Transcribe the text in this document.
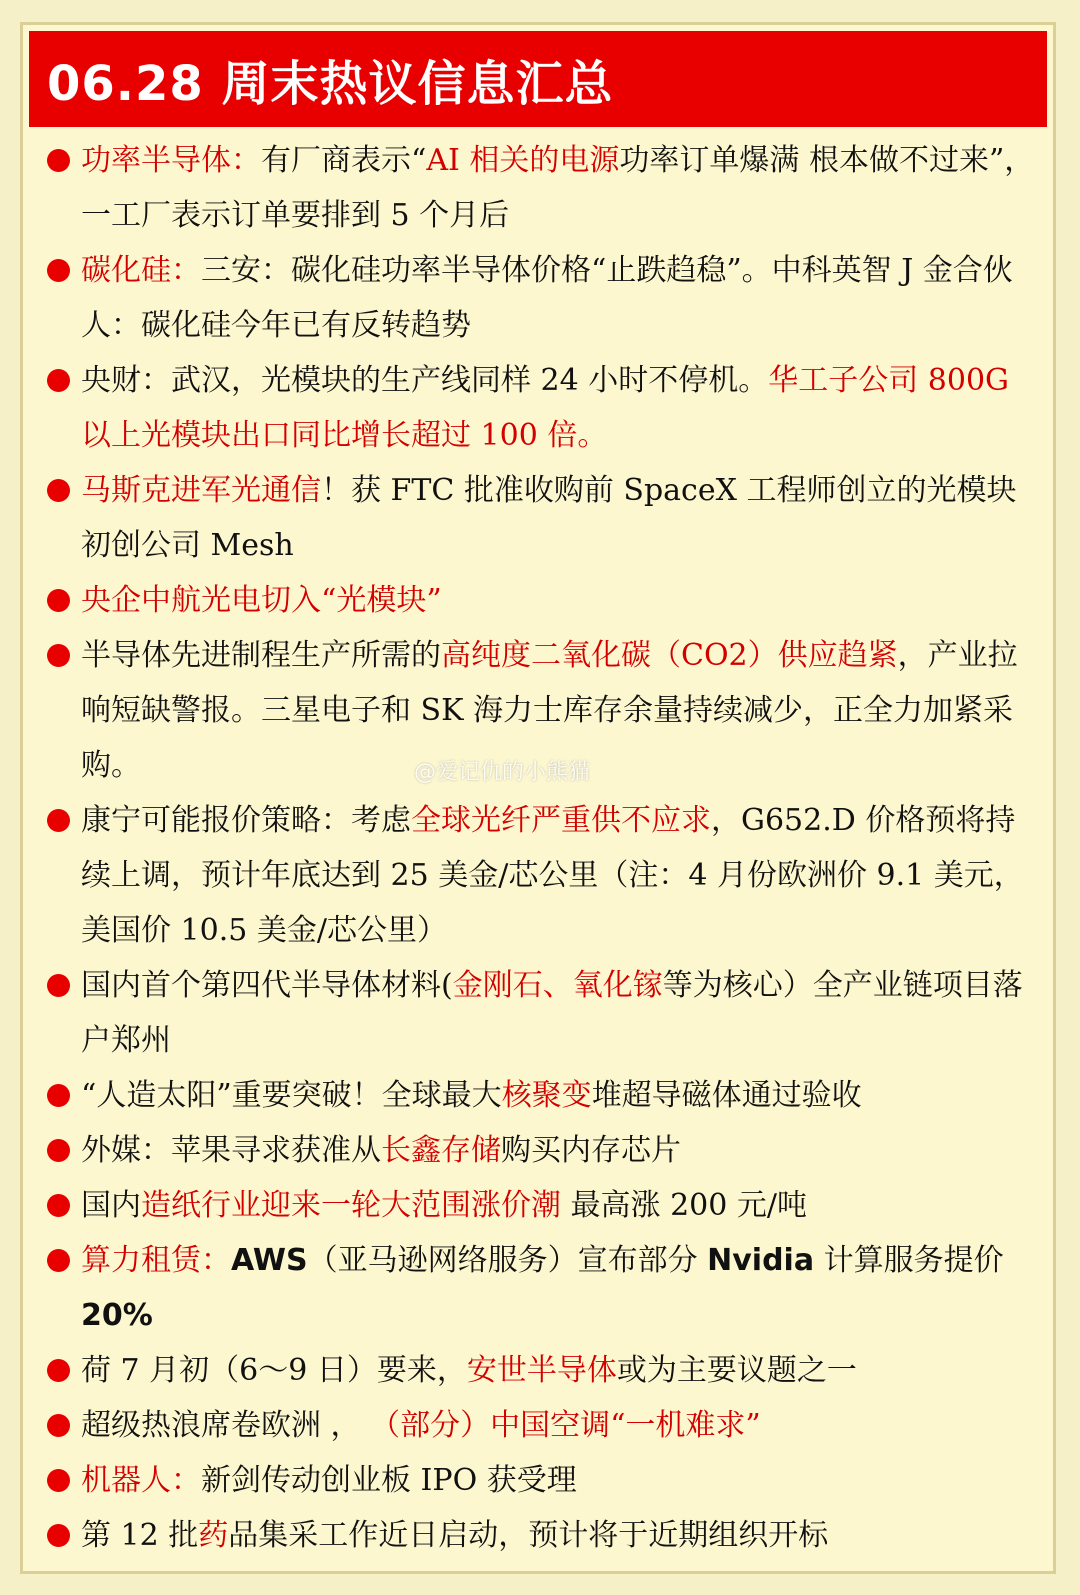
06.28 周末热议信息汇总
功率半导体：有厂商表示“AI 相关的电源功率订单爆满 根本做不过来”，一工厂表示订单要排到 5 个月后
碳化硅：三安：碳化硅功率半导体价格“止跌趋稳”。中科英智 J 金合伙人：碳化硅今年已有反转趋势
央财：武汉，光模块的生产线同样 24 小时不停机。华工子公司 800G 以上光模块出口同比增长超过 100 倍。
马斯克进军光通信！获 FTC 批准收购前 SpaceX 工程师创立的光模块初创公司 Mesh
央企中航光电切入“光模块”
半导体先进制程生产所需的高纯度二氧化碳（CO2）供应趋紧，产业拉响短缺警报。三星电子和 SK 海力士库存余量持续减少，正全力加紧采购。
康宁可能报价策略：考虑全球光纤严重供不应求，G652.D 价格预将持续上调，预计年底达到 25 美金/芯公里（注：4 月份欧洲价 9.1 美元，美国价 10.5 美金/芯公里）
国内首个第四代半导体材料(金刚石、氧化镓等为核心）全产业链项目落户郑州
“人造太阳”重要突破！全球最大核聚变堆超导磁体通过验收
外媒：苹果寻求获准从长鑫存储购买内存芯片
国内造纸行业迎来一轮大范围涨价潮 最高涨 200 元/吨
算力租赁：AWS（亚马逊网络服务）宣布部分 Nvidia 计算服务提价 20%
荷 7 月初（6～9 日）要来，安世半导体或为主要议题之一
超级热浪席卷欧洲 ， （部分）中国空调“一机难求”
机器人：新剑传动创业板 IPO 获受理
第 12 批药品集采工作近日启动，预计将于近期组织开标
@爱记仇的小熊猫
